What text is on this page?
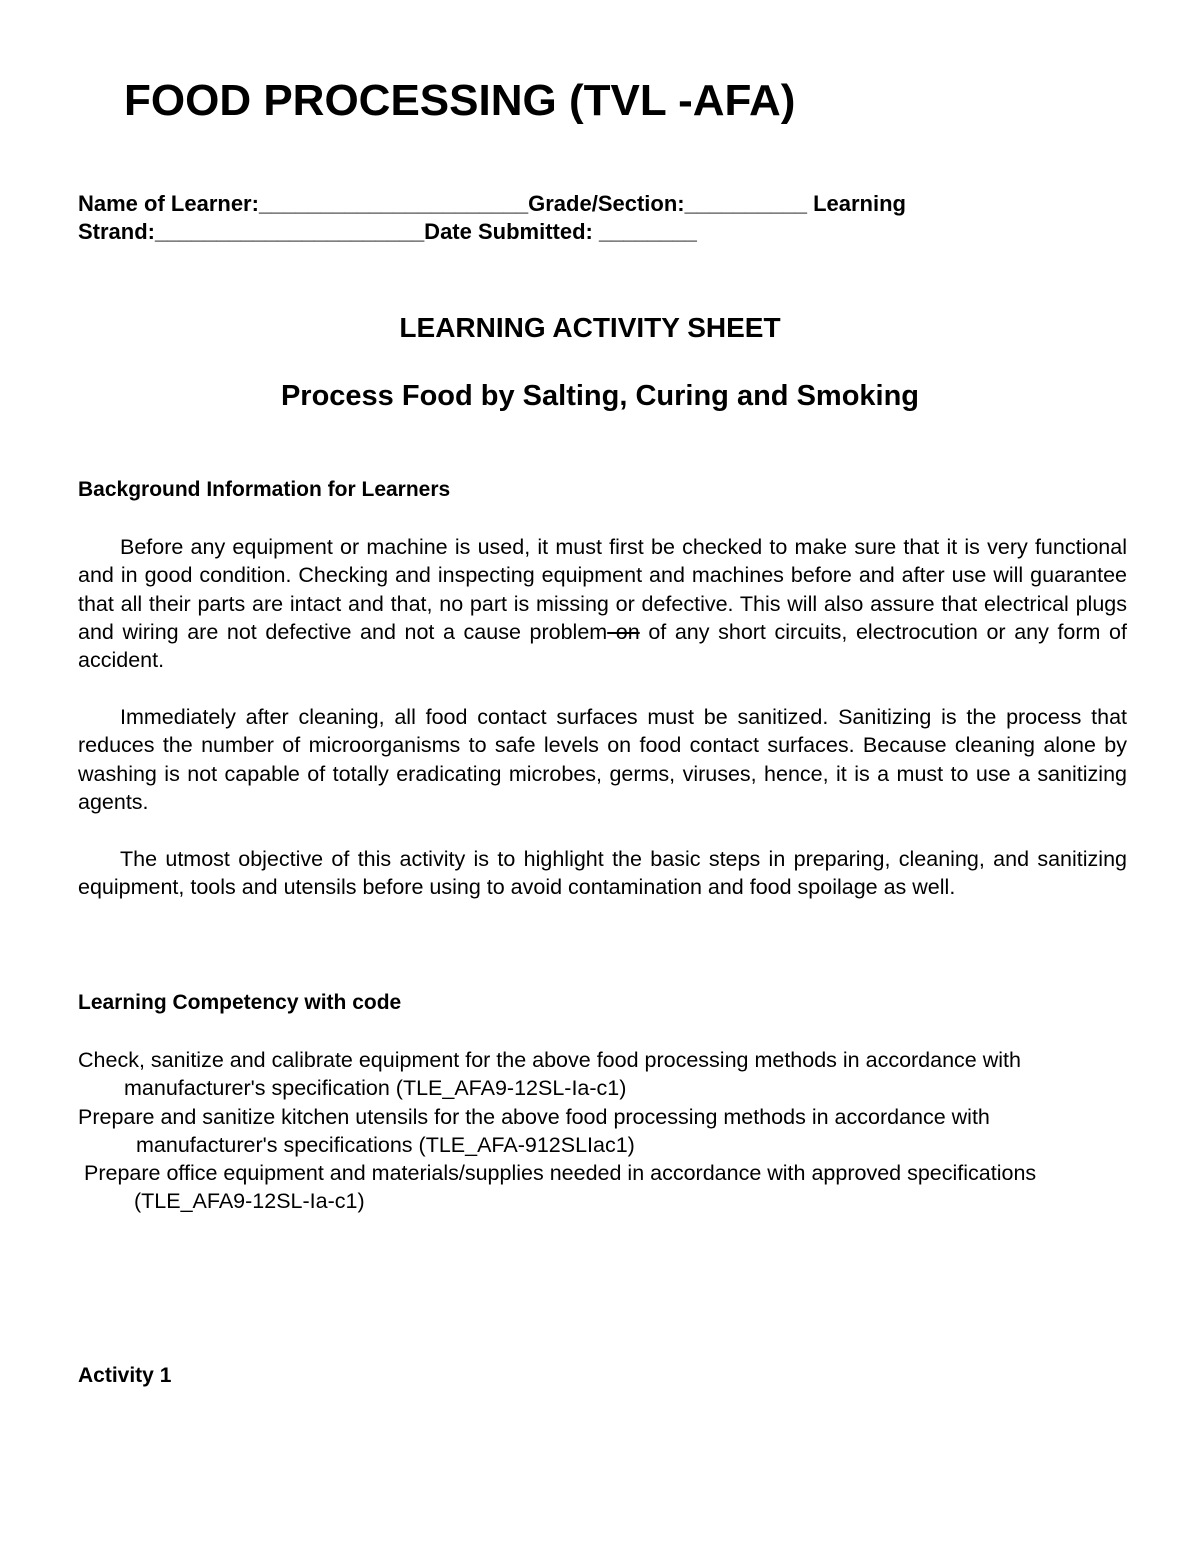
FOOD PROCESSING (TVL -AFA)
Name of Learner:______________________Grade/Section:__________ Learning
Strand:______________________Date Submitted: ________
LEARNING ACTIVITY SHEET
Process Food by Salting, Curing and Smoking
Background Information for Learners

Before any equipment or machine is used, it must first be checked to make sure that it is very functional and in good condition. Checking and inspecting equipment and machines before and after use will guarantee that all their parts are intact and that, no part is missing or defective. This will also assure that electrical plugs and wiring are not defective and not a cause problem on of any short circuits, electrocution or any form of accident.

Immediately after cleaning, all food contact surfaces must be sanitized. Sanitizing is the process that reduces the number of microorganisms to safe levels on food contact surfaces. Because cleaning alone by washing is not capable of totally eradicating microbes, germs, viruses, hence, it is a must to use a sanitizing agents.

The utmost objective of this activity is to highlight the basic steps in preparing, cleaning, and sanitizing equipment, tools and utensils before using to avoid contamination and food spoilage as well.

Learning Competency with code
Check, sanitize and calibrate equipment for the above food processing methods in accordance with
manufacturer's specification (TLE_AFA9-12SL-Ia-c1)
Prepare and sanitize kitchen utensils for the above food processing methods in accordance with
manufacturer's specifications (TLE_AFA-912SLIac1)
Prepare office equipment and materials/supplies needed in accordance with approved specifications
(TLE_AFA9-12SL-Ia-c1)
Activity 1
